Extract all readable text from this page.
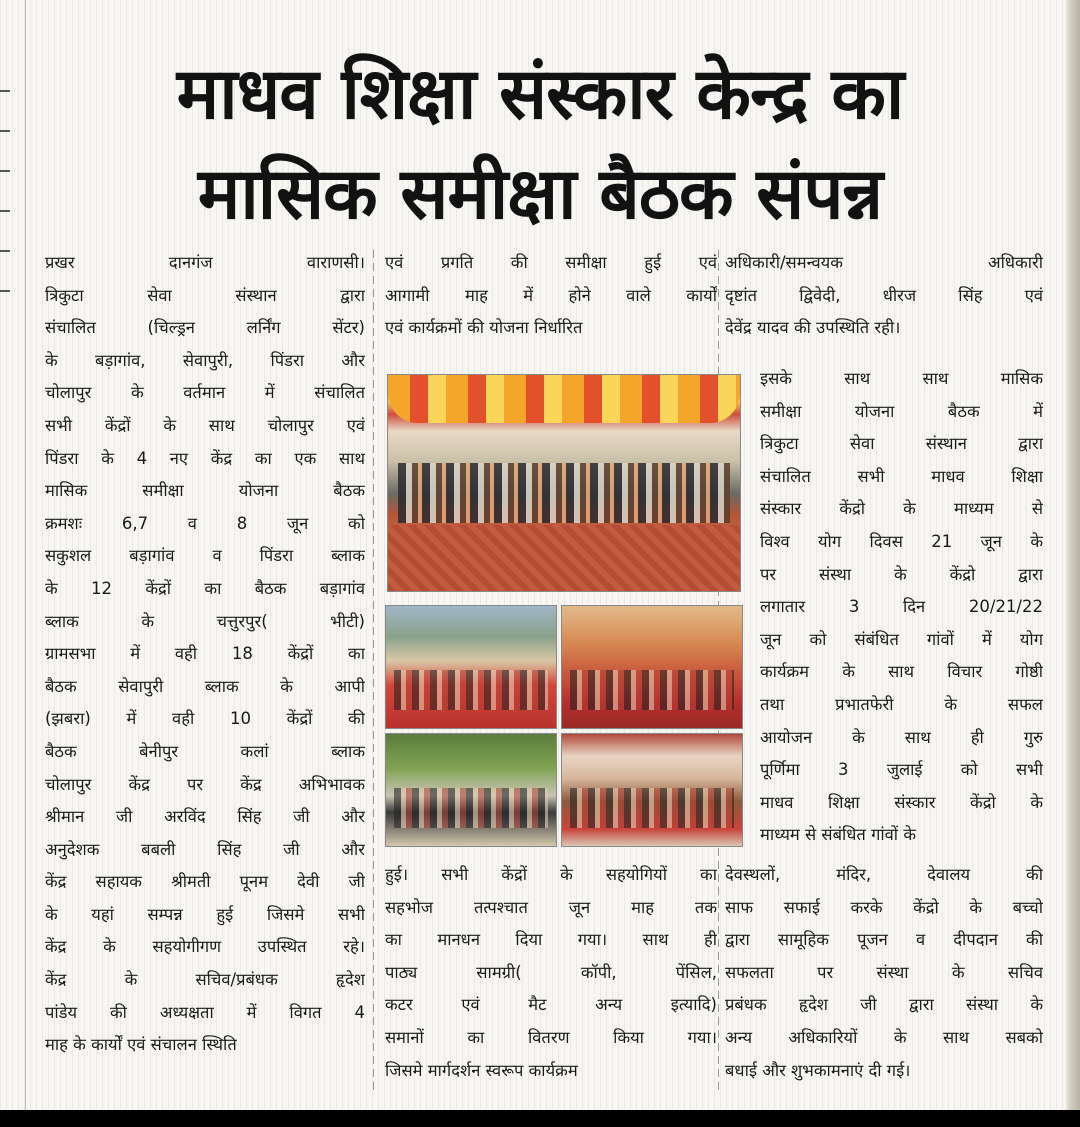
माधव शिक्षा संस्कार केन्द्र का
मासिक समीक्षा बैठक संपन्न
प्रखर दानगंज वाराणसी।
त्रिकुटा सेवा संस्थान द्वारा
संचालित (चिल्ड्रन लर्निंग सेंटर)
के बड़ागांव, सेवापुरी, पिंडरा और
चोलापुर के वर्तमान में संचालित
सभी केंद्रों के साथ चोलापुर एवं
पिंडरा के 4 नए केंद्र का एक साथ
मासिक समीक्षा योजना बैठक
क्रमशः 6,7 व 8 जून को
सकुशल बड़ागांव व पिंडरा ब्लाक
के 12 केंद्रों का बैठक बड़ागांव
ब्लाक के चत्तुरपुर( भीटी)
ग्रामसभा में वही 18 केंद्रों का
बैठक सेवापुरी ब्लाक के आपी
(झबरा) में वही 10 केंद्रों की
बैठक बेनीपुर कलां ब्लाक
चोलापुर केंद्र पर केंद्र अभिभावक
श्रीमान जी अरविंद सिंह जी और
अनुदेशक बबली सिंह जी और
केंद्र सहायक श्रीमती पूनम देवी जी
के यहां सम्पन्न हुई जिसमे सभी
केंद्र के सहयोगीगण उपस्थित रहे।
केंद्र के सचिव/प्रबंधक हृदेश
पांडेय की अध्यक्षता में विगत 4
माह के कार्यों एवं संचालन स्थिति
एवं प्रगति की समीक्षा हुई एवं
आगामी माह में होने वाले कार्यों
एवं कार्यक्रमों की योजना निर्धारित
हुई। सभी केंद्रों के सहयोगियों का
सहभोज तत्पश्चात जून माह तक
का मानधन दिया गया। साथ ही
पाठ्य सामग्री( कॉपी, पेंसिल,
कटर एवं मैट अन्य इत्यादि)
समानों का वितरण किया गया।
जिसमे मार्गदर्शन स्वरूप कार्यक्रम
अधिकारी/समन्वयक अधिकारी
दृष्टांत द्विवेदी, धीरज सिंह एवं
देवेंद्र यादव की उपस्थिति रही।
इसके साथ साथ मासिक
समीक्षा योजना बैठक में
त्रिकुटा सेवा संस्थान द्वारा
संचालित सभी माधव शिक्षा
संस्कार केंद्रो के माध्यम से
विश्व योग दिवस 21 जून के
पर संस्था के केंद्रो द्वारा
लगातार 3 दिन 20/21/22
जून को संबंधित गांवों में योग
कार्यक्रम के साथ विचार गोष्ठी
तथा प्रभातफेरी के सफल
आयोजन के साथ ही गुरु
पूर्णिमा 3 जुलाई को सभी
माधव शिक्षा संस्कार केंद्रो के
माध्यम से संबंधित गांवों के
देवस्थलों, मंदिर, देवालय की
साफ सफाई करके केंद्रो के बच्चो
द्वारा सामूहिक पूजन व दीपदान की
सफलता पर संस्था के सचिव
प्रबंधक हृदेश जी द्वारा संस्था के
अन्य अधिकारियों के साथ सबको
बधाई और शुभकामनाएं दी गई।
